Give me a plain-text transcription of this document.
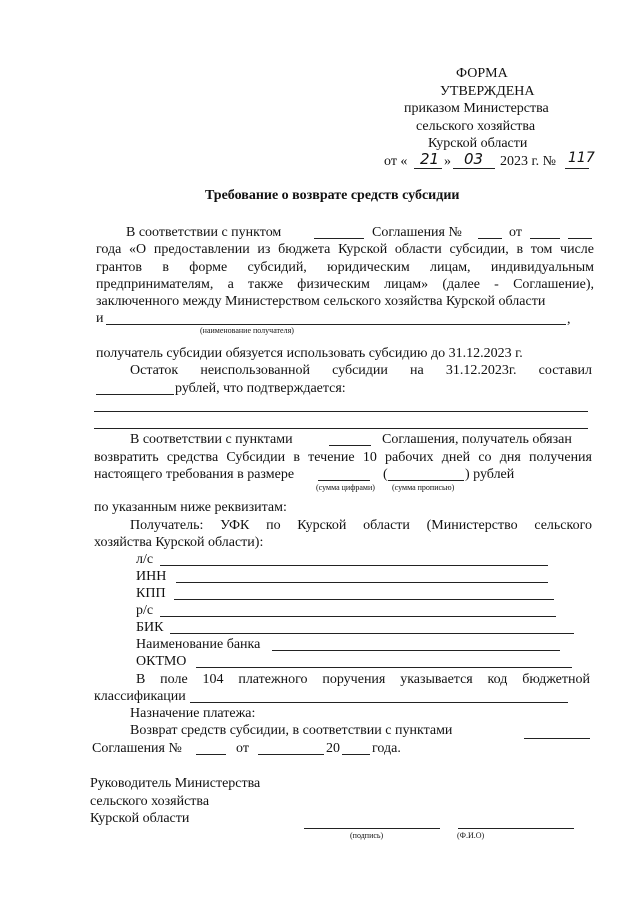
ФОРМА
УТВЕРЖДЕНА
приказом Министерства
сельского хозяйства
Курской области
от « 21 » 03 2023 г. № 117
Требование о возврате средств субсидии
В соответствии с пунктом	Соглашения №	от
года «О предоставлении из бюджета Курской области субсидии, в том числе
грантов в форме субсидий, юридическим лицам, индивидуальным
предпринимателям, а также физическим лицам» (далее - Соглашение),
заключенного между Министерством сельского хозяйства Курской области
и	,
(наименование получателя)
получатель субсидии обязуется использовать субсидию до 31.12.2023 г.
Остаток неиспользованной субсидии на 31.12.2023г. составил
рублей, что подтверждается:
В соответствии с пунктами	Соглашения, получатель обязан
возвратить средства Субсидии в течение 10 рабочих дней со дня получения
настоящего требования в размере	(	) рублей
(сумма цифрами) (сумма прописью)
по указанным ниже реквизитам:
Получатель: УФК по Курской области (Министерство сельского
хозяйства Курской области):
л/с
ИНН
КПП
р/с
БИК
Наименование банка
ОКТМО
В поле 104 платежного поручения указывается код бюджетной
классификации
Назначение платежа:
Возврат средств субсидии, в соответствии с пунктами
Соглашения №	от	20 года.
Руководитель Министерства
сельского хозяйства
Курской области
(подпись)	(Ф.И.О)
